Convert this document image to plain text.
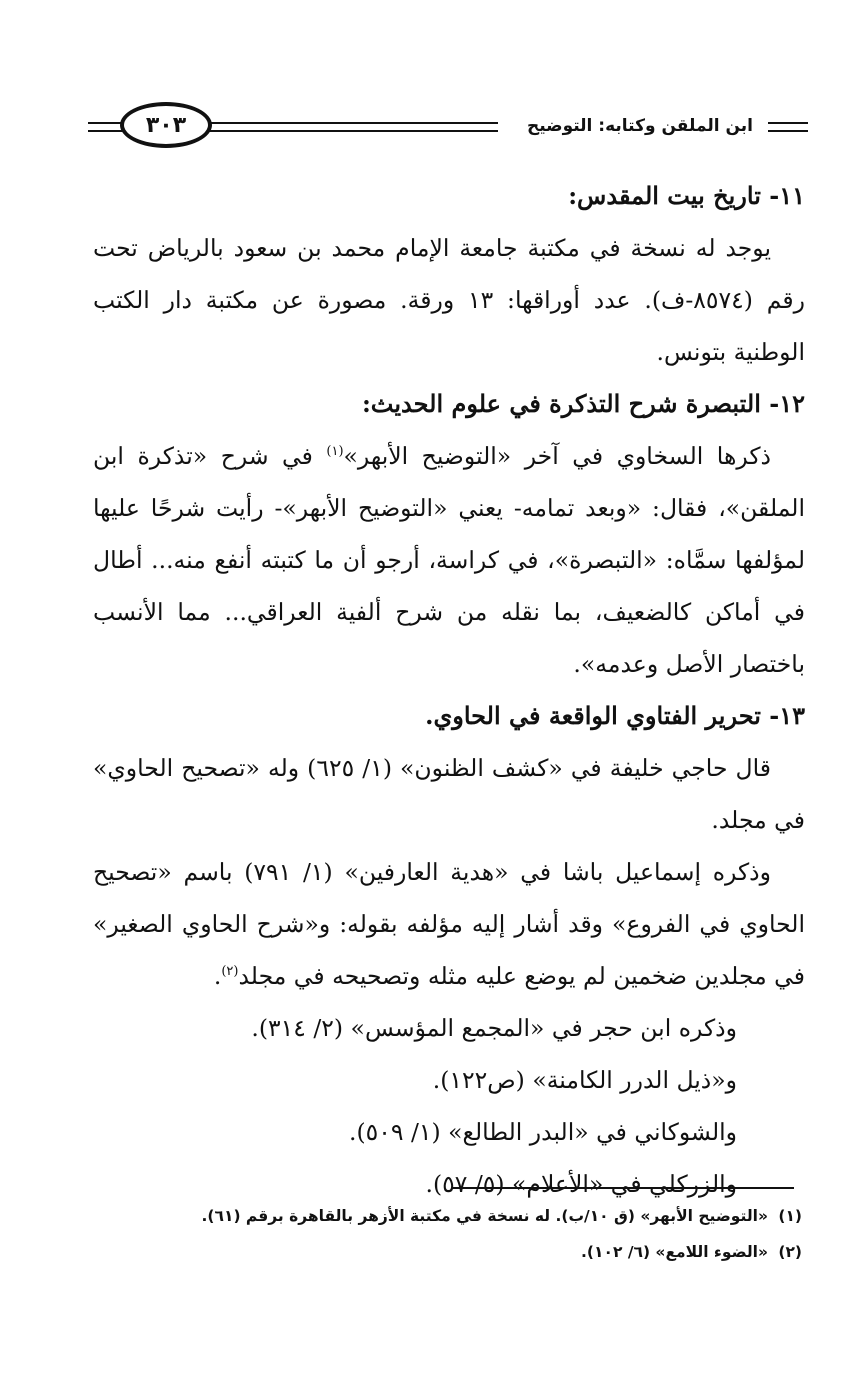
٣٠٣	ابن الملقن وكتابه: التوضيح

١١- تاريخ بيت المقدس:

يوجد له نسخة في مكتبة جامعة الإمام محمد بن سعود بالرياض تحت رقم (٨٥٧٤-ف). عدد أوراقها: ١٣ ورقة. مصورة عن مكتبة دار الكتب الوطنية بتونس.

١٢- التبصرة شرح التذكرة في علوم الحديث:

ذكرها السخاوي في آخر «التوضيح الأبهر»$^{(١)}$ في شرح «تذكرة ابن الملقن»، فقال: «وبعد تمامه- يعني «التوضيح الأبهر»- رأيت شرحًا عليها لمؤلفها سمَّاه: «التبصرة»، في كراسة، أرجو أن ما كتبته أنفع منه... أطال في أماكن كالضعيف، بما نقله من شرح ألفية العراقي... مما الأنسب باختصار الأصل وعدمه».

١٣- تحرير الفتاوي الواقعة في الحاوي.

قال حاجي خليفة في «كشف الظنون» (١/ ٦٢٥) وله «تصحيح الحاوي» في مجلد.

وذكره إسماعيل باشا في «هدية العارفين» (١/ ٧٩١) باسم «تصحيح الحاوي في الفروع» وقد أشار إليه مؤلفه بقوله: و«شرح الحاوي الصغير» في مجلدين ضخمين لم يوضع عليه مثله وتصحيحه في مجلد$^{(٢)}$.

وذكره ابن حجر في «المجمع المؤسس» (٢/ ٣١٤).

و«ذيل الدرر الكامنة» (ص١٢٢).

والشوكاني في «البدر الطالع» (١/ ٥٠٩).

والزركلي في «الأعلام» (٥/ ٥٧).

(١)«التوضيح الأبهر» (ق ١٠/ب). له نسخة في مكتبة الأزهر بالقاهرة برقم (٦١).

(٢)«الضوء اللامع» (٦/ ١٠٢).
